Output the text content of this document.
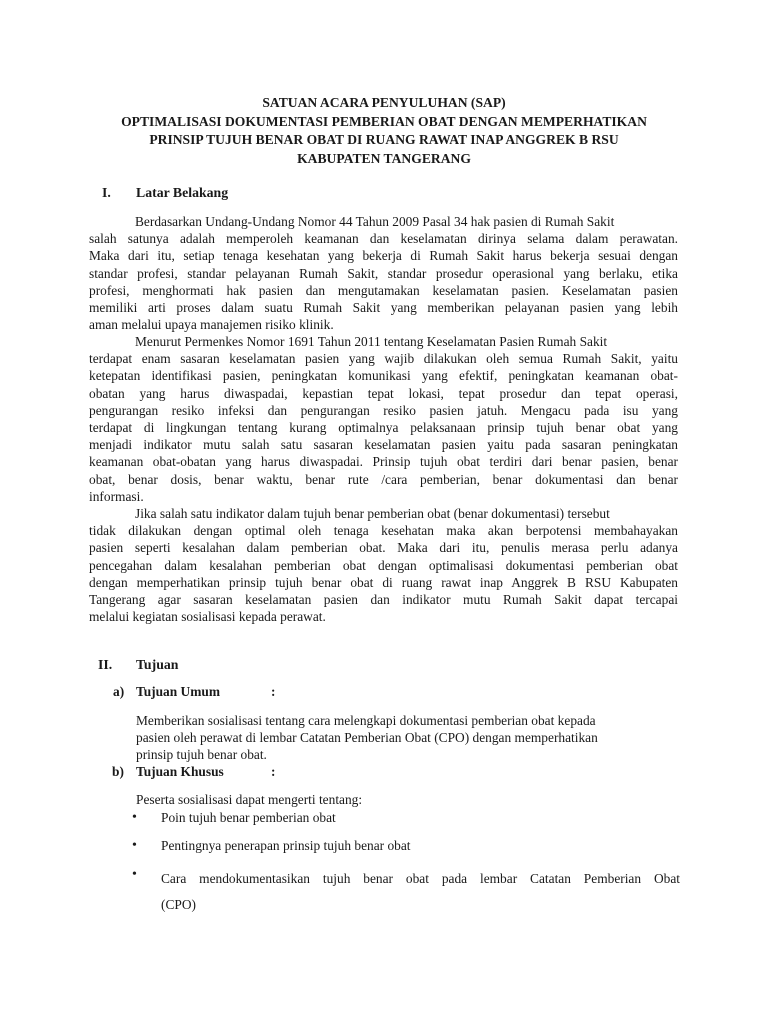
SATUAN ACARA PENYULUHAN (SAP)
OPTIMALISASI DOKUMENTASI PEMBERIAN OBAT DENGAN MEMPERHATIKAN
PRINSIP TUJUH BENAR OBAT DI RUANG RAWAT INAP ANGGREK B RSU
KABUPATEN TANGERANG
I. Latar Belakang
Berdasarkan Undang-Undang Nomor 44 Tahun 2009 Pasal 34 hak pasien di Rumah Sakit
salah satunya adalah memperoleh keamanan dan keselamatan dirinya selama dalam perawatan.
Maka dari itu, setiap tenaga kesehatan yang bekerja di Rumah Sakit harus bekerja sesuai dengan
standar profesi, standar pelayanan Rumah Sakit, standar prosedur operasional yang berlaku, etika
profesi, menghormati hak pasien dan mengutamakan keselamatan pasien. Keselamatan pasien
memiliki arti proses dalam suatu Rumah Sakit yang memberikan pelayanan pasien yang lebih
aman melalui upaya manajemen risiko klinik.
Menurut Permenkes Nomor 1691 Tahun 2011 tentang Keselamatan Pasien Rumah Sakit
terdapat enam sasaran keselamatan pasien yang wajib dilakukan oleh semua Rumah Sakit, yaitu
ketepatan identifikasi pasien, peningkatan komunikasi yang efektif, peningkatan keamanan obat-
obatan yang harus diwaspadai, kepastian tepat lokasi, tepat prosedur dan tepat operasi,
pengurangan resiko infeksi dan pengurangan resiko pasien jatuh. Mengacu pada isu yang
terdapat di lingkungan tentang kurang optimalnya pelaksanaan prinsip tujuh benar obat yang
menjadi indikator mutu salah satu sasaran keselamatan pasien yaitu pada sasaran peningkatan
keamanan obat-obatan yang harus diwaspadai. Prinsip tujuh obat terdiri dari benar pasien, benar
obat, benar dosis, benar waktu, benar rute /cara pemberian, benar dokumentasi dan benar
informasi.
Jika salah satu indikator dalam tujuh benar pemberian obat (benar dokumentasi) tersebut
tidak dilakukan dengan optimal oleh tenaga kesehatan maka akan berpotensi membahayakan
pasien seperti kesalahan dalam pemberian obat. Maka dari itu, penulis merasa perlu adanya
pencegahan dalam kesalahan pemberian obat dengan optimalisasi dokumentasi pemberian obat
dengan memperhatikan prinsip tujuh benar obat di ruang rawat inap Anggrek B RSU Kabupaten
Tangerang agar sasaran keselamatan pasien dan indikator mutu Rumah Sakit dapat tercapai
melalui kegiatan sosialisasi kepada perawat.
II. Tujuan
a) Tujuan Umum	:
Memberikan sosialisasi tentang cara melengkapi dokumentasi pemberian obat kepada
pasien oleh perawat di lembar Catatan Pemberian Obat (CPO) dengan memperhatikan
prinsip tujuh benar obat.
b) Tujuan Khusus	:
Peserta sosialisasi dapat mengerti tentang:
• Poin tujuh benar pemberian obat
• Pentingnya penerapan prinsip tujuh benar obat
• Cara mendokumentasikan tujuh benar obat pada lembar Catatan Pemberian Obat
(CPO)
